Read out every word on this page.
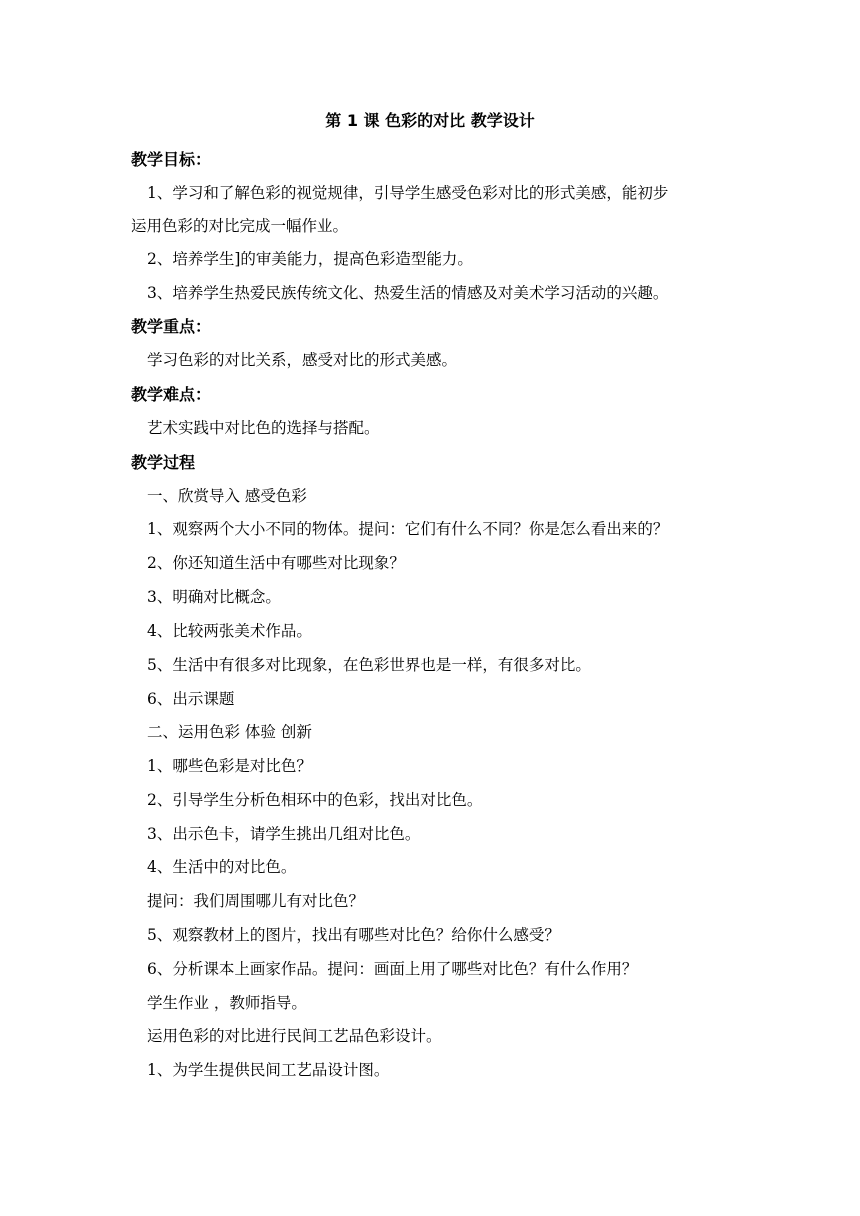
第 1 课 色彩的对比 教学设计
教学目标：
1、学习和了解色彩的视觉规律，引导学生感受色彩对比的形式美感，能初步
运用色彩的对比完成一幅作业。
2、培养学生]的审美能力，提高色彩造型能力。
3、培养学生热爱民族传统文化、热爱生活的情感及对美术学习活动的兴趣。
教学重点：
学习色彩的对比关系，感受对比的形式美感。
教学难点：
艺术实践中对比色的选择与搭配。
教学过程
一、欣赏导入 感受色彩
1、观察两个大小不同的物体。提问：它们有什么不同？你是怎么看出来的？
2、你还知道生活中有哪些对比现象？
3、明确对比概念。
4、比较两张美术作品。
5、生活中有很多对比现象，在色彩世界也是一样，有很多对比。
6、出示课题
二、运用色彩 体验 创新
1、哪些色彩是对比色？
2、引导学生分析色相环中的色彩，找出对比色。
3、出示色卡，请学生挑出几组对比色。
4、生活中的对比色。
提问：我们周围哪儿有对比色？
5、观察教材上的图片，找出有哪些对比色？给你什么感受？
6、分析课本上画家作品。提问：画面上用了哪些对比色？有什么作用？
学生作业 ，教师指导。
运用色彩的对比进行民间工艺品色彩设计。
1、为学生提供民间工艺品设计图。
